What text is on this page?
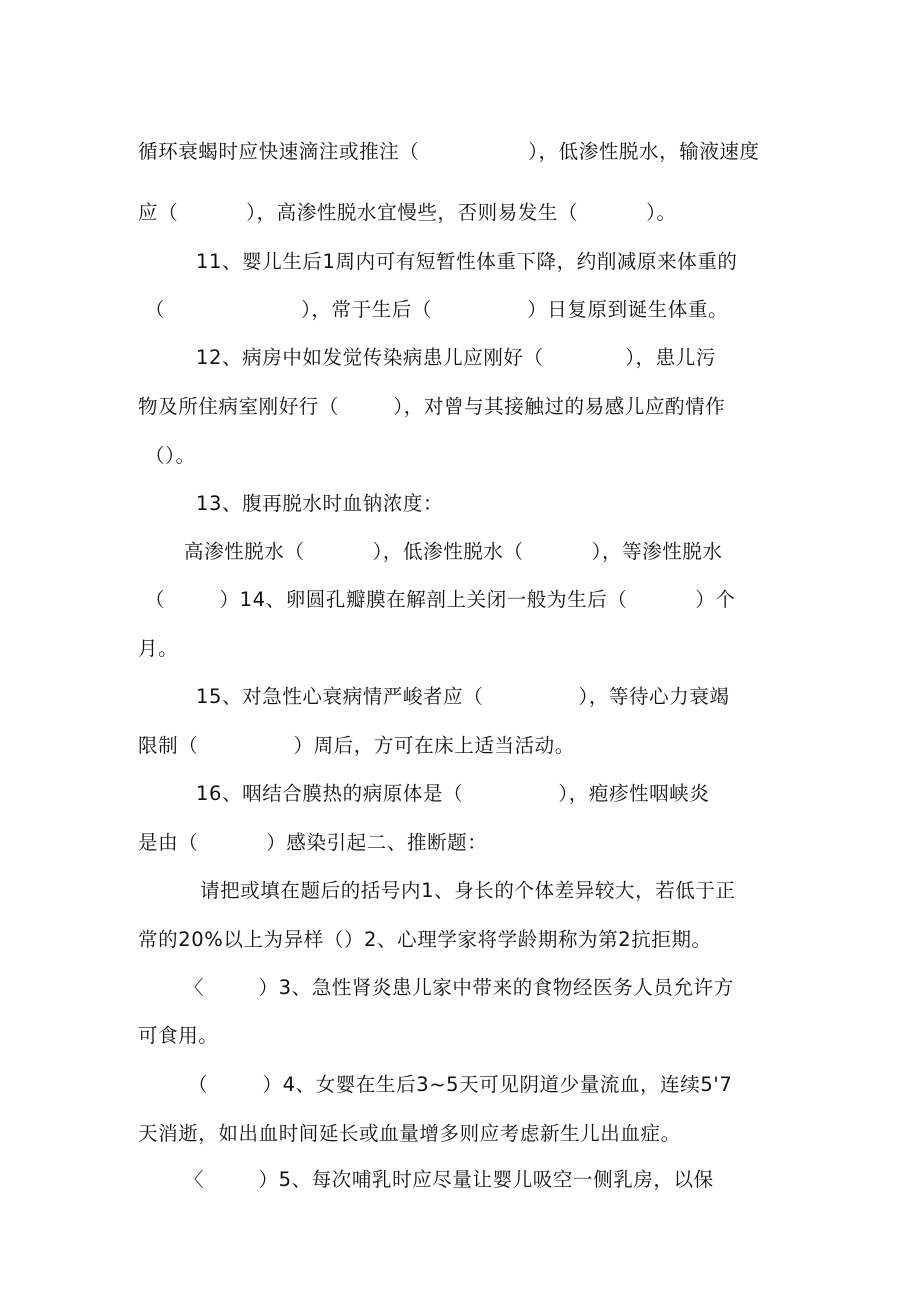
循环衰蝎时应快速滴注或推注（                ），低渗性脱水，输液速度
应（          ），高渗性脱水宜慢些，否则易发生（          ）。
11、婴儿生后1周内可有短暂性体重下降，约削减原来体重的
（                    ），常于生后（              ）日复原到诞生体重。
12、病房中如发觉传染病患儿应刚好（            ），患儿污
物及所住病室刚好行（        ），对曾与其接触过的易感儿应酌情作
（）。
13、腹再脱水时血钠浓度：
高渗性脱水（          ），低渗性脱水（          ），等渗性脱水
（        ）14、卵圆孔瓣膜在解剖上关闭一般为生后（          ）个
月。
15、对急性心衰病情严峻者应（              ），等待心力衰竭
限制（              ）周后，方可在床上适当活动。
16、咽结合膜热的病原体是（              ），疱疹性咽峡炎
是由（          ）感染引起二、推断题：
请把或填在题后的括号内1、身长的个体差异较大，若低于正
常的20%以上为异样（）2、心理学家将学龄期称为第2抗拒期。
〈        ）3、急性肾炎患儿家中带来的食物经医务人员允许方
可食用。
（        ）4、女婴在生后3~5天可见阴道少量流血，连续5'7
天消逝，如出血时间延长或血量增多则应考虑新生儿出血症。
〈        ）5、每次哺乳时应尽量让婴儿吸空一侧乳房，以保
